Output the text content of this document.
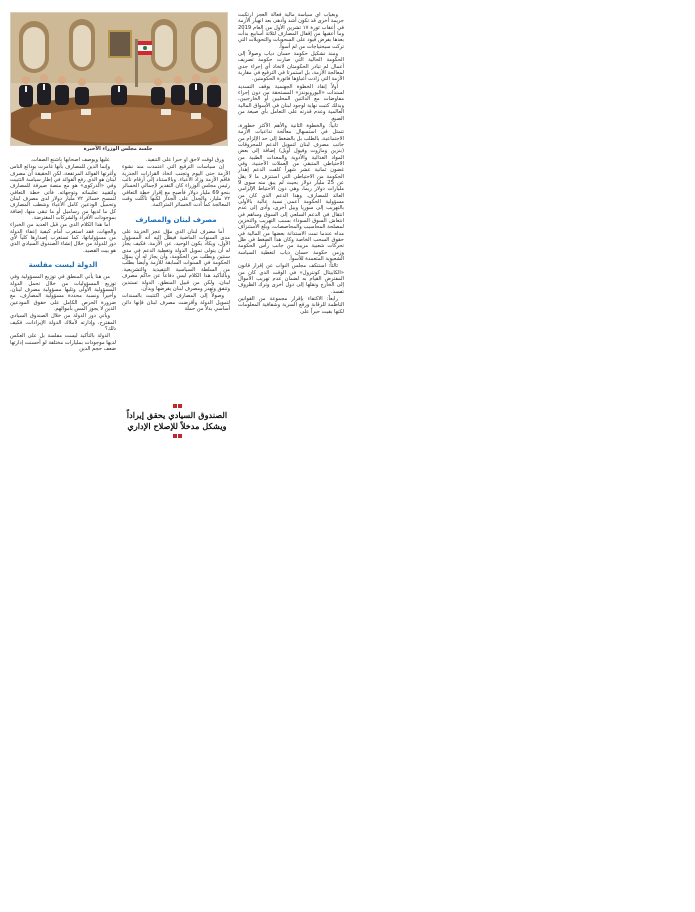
جلسة مجلس الوزراء الأخيرة

وبغياب أي سياسة مالية فعالة العجز ارتكبت جريمة أخرى قد تكون أشد وأدهى بعد انهيار الأزمة في أعقاب ثورة ١٧ تشرين الأول من العام 2019 وما أعقبها من إقفال المصارف لثلاثة أسابيع بدأت بعدها بفرض قيود على السحوبات والتحويلات التي تركت سيحتياجات من لم أسوأ.

ومنذ تشكيل حكومة حسان دياب وصولاً إلى الحكومة الحالية التي صارت حكومة تصريف أعمال لم تبادر الحكومتان لاتخاذ أي إجراء جدي لمعالجة الأزمة، بل استمرتا في الترقيع في مقاربة الأزمة التي زادت أعباؤها فاتورة الحكومتين.

أولاً إنقاذ الخطوة الجهنمية بوقف التسديد لسندات «اليوروبوندز» المستحقة من دون إجراء مفاوضات مع الدائنين المحليين أو الخارجيين، وبذلك كتبت نهاية لوجود لبنان في الأسواق المالية العالمية وعدم قدرته على التعامل بأي صيغة من الصيغ.

ثانياً: والخطوة الثانية والأهم الأكثر خطورة، تتمثل في استسهال معالجة تداعيات الأزمة الاجتماعية، بالطلب بل بالضغط إلى حد الإلزام من جانب مصرف لبنان لتمويل الدعم للمحروقات (بنزين ومازوت وفيول أويل) إضافة إلى بعض المواد الغذائية والأدوية والمعدات الطبية من الاحتياطي المتبقي من العملات الأجنبية، وفي غضون ثمانية عشر شهراً كلفت الدعم إهدار الحكومة من الاحتياطي التي استنزف ما لا يقل عن 25 مليار دولار بحيث لم يبق منه سوى 9 مليارات دولار ربما، وهي دون الاحتياط الإلزامي العائد للمصارف. وهذا الدعم الذي كان من مسؤولية الحكومة أعمى نسبة عالية بالأولى بالتهريب إلى سوريا وبيل أخرى، وأدى إلى عدم انتقال في الدعم السلعي إلى السوق وساهم في انتعاش السوق السوداء بسبب التهريب والتخزين لمصلحة المحاسيب والمحاصصات، وبلغ الاستنزاف مداه عندما تمت الاستدانة بعضها من المالية في حقوق السحب الخاصة وكان هذا الضغط في ظل تحركات شعبية مريبة من جانب رأس الحكومة وزمن حكومة حسان دياب لتغطية السياسة الشعبوية المتعمدة للأسوأ.

ثالثاً: استنكف مجلس النواب عن إقرار قانون «الكابيتال كونترول» في الوقت الذي كان من المفترض القيام به لضمان عدم تهريب الأموال إلى الخارج ونقلها إلى دول أخرى وترك الظروف تفسد.

رابعاً: الاكتفاء بإقرار مجموعة من القوانين الناظمة للرقابة ورفع السرية وشفافية المعلومات لكنها بقيت حبراً على

ورق لوقت لاحق أو حبراً على التنفيذ.

إن سياسات الترقيع التي اعتمدت منذ نشوء الأزمة حتى اليوم وتجنب اتخاذ القرارات الجذرية فاقم الأزمة وزاد الأعباء. وبالاستناد إلى أرقام نائب رئيس مجلس الوزراء كان التقدير لإجمالي الخسائر بنحو 69 مليار دولار فأصبح مع إقرار خطة التعافي ٧٢ مليار، والجدل على الجدار لكنها تأكّلت وقت المعالجة كما أدت الخسائر المتراكمة.

مصرف لبنان والمصارف

أما مصرف لبنان الذي موّل عجز الخزينة على مدى السنوات الماضية فيظل إليه أنه المسؤول الأول، ويكاد يكون الوحيد، عن الأزمة، فكيف يجاز له أن يتولى تمويل الدولة وتغطية الدعم في مدى سنتين وبطلب من الحكومة، وأن يجاز له أن يموّل الحكومة في السنوات السابقة للأزمة وأيضاً بطلب من السلطة السياسية التنفيذية والتشريعية. وبالتأكيد هذا الكلام ليس دفاعاً عن حاكم مصرف لبنان، ولكن من قبيل المنطق. الدولة تستدين وتنفق وتهدر ومصرف لبنان يقرضها ويدان.

وصولاً إلى المصارف التي اكتتبت بالسندات لتمويل الدولة وأقرضت مصرف لبنان فإنها دائن أساسي بدلاً من حملة

الصندوق السيادي يحقق إيراداً ويشكل مدخلاً للإصلاح الإداري

عليها ويوصف أصحابها بأشنع الصفات.

وإنما الدين للمصارف بأنها غامرت بودائع الناس وأغرتها الفوائد المرتفعة، لكن الحقيقة أن مصرف لبنان هو الذي رفع الفوائد في إطار سياسة التثبيت وفي «الدركوى» هو مع منصة صيرفة للمصارف ولتقييد تعليماته وتوجهاته. فأتى خطة التعافي لتمسح خسائر ٧٢ مليار دولار لدى مصرف لبنان وتحميل الودعين كامل الأعباء وشطب المصارف كل ما لديها من رساميل أو ما تبقى منها، إضافة بموجودات الأفراد والشركات المقترضة.

أما هذا الكلام الذي من قبل العديد من الخبراء والجهات، فقد استغرب أمام كيفية إعفاء الدولة من مسؤولياتها، كما تستغرب إصدارها كلياً لأي دور للدولة من خلال إنشاء الصندوق السيادي الذي هو بيت القصيد.

الدولة ليست مفلسة

من هنا يأتي المنطق في توزيع المسؤولية وفي توزيع المسؤوليات من خلال تحمل الدولة المسؤولية الأولى وتليها مسؤولية مصرف لبنان، وأخيراً ونسبة محددة مسؤولية المصارف، مع ضرورة الحرص الكامل على حقوق المودعين الذين لا يجوز المس بأموالهم.

ويأتي دور الدولة من خلال الصندوق السيادي المقترح، وإدارته لأملاك الدولة الإيرادات، فكيف ذلك؟

الدولة بالتأكيد ليست مفلسة بل على العكس لديها موجودات بمليارات مختلفة لو أحسنت إدارتها ضعف حجم الدين
